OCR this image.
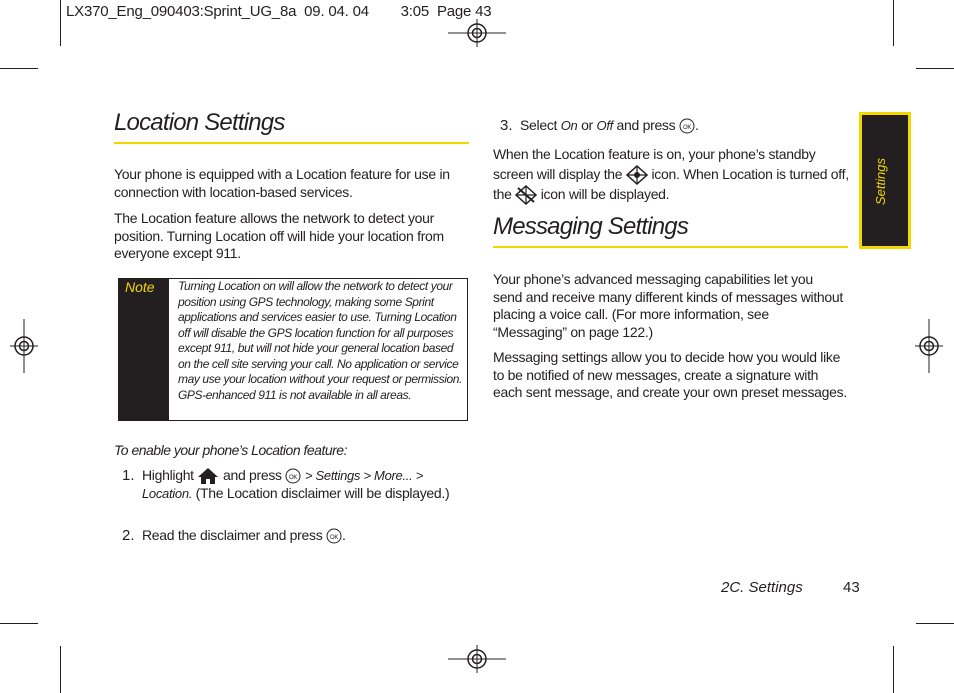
LX370_Eng_090403:Sprint_UG_8a  09. 04. 04        3:05  Page 43
Settings
Location Settings
Your phone is equipped with a Location feature for use in connection with location-based services.
The Location feature allows the network to detect your position. Turning Location off will hide your location from everyone except 911.
Note	Turning Location on will allow the network to detect your position using GPS technology, making some Sprint applications and services easier to use. Turning Location off will disable the GPS location function for all purposes except 911, but will not hide your general location based on the cell site serving your call. No application or service may use your location without your request or permission. GPS-enhanced 911 is not available in all areas.
To enable your phone’s Location feature:
1. Highlight and press OK > Settings > More... >
Location. (The Location disclaimer will be displayed.)
2. Read the disclaimer and press OK .
3. Select On or Off and press OK .
When the Location feature is on, your phone’s standby screen will display the icon. When Location is turned off, the icon will be displayed.
Messaging Settings
Your phone’s advanced messaging capabilities let you send and receive many different kinds of messages without placing a voice call. (For more information, see “Messaging” on page 122.)
Messaging settings allow you to decide how you would like to be notified of new messages, create a signature with each sent message, and create your own preset messages.
2C. Settings	43
